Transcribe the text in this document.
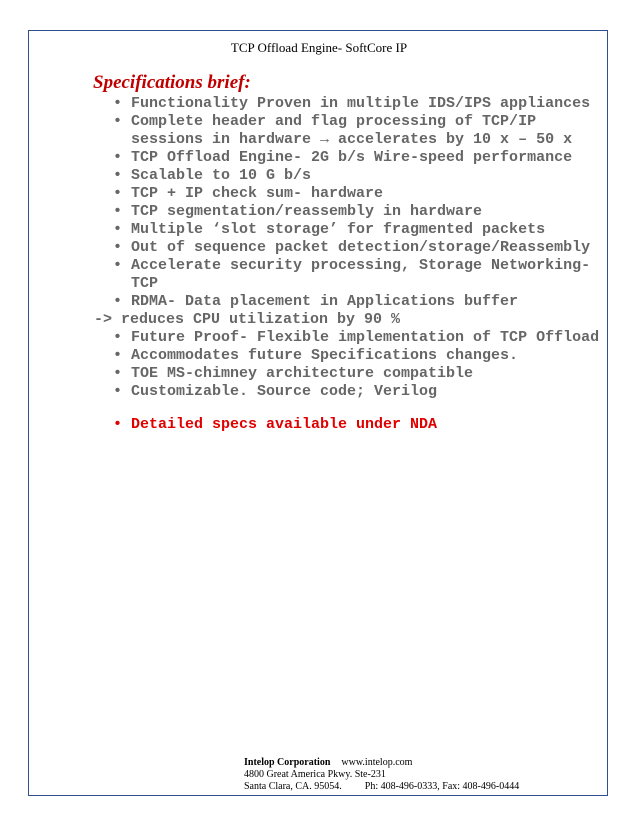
TCP Offload Engine- SoftCore IP
Specifications brief:
• Functionality Proven in multiple IDS/IPS appliances
• Complete header and flag processing of TCP/IP
sessions in hardware → accelerates by 10 x – 50 x
• TCP Offload Engine- 2G b/s Wire-speed performance
• Scalable to 10 G b/s
• TCP + IP check sum- hardware
• TCP segmentation/reassembly in hardware
• Multiple ‘slot storage’ for fragmented packets
• Out of sequence packet detection/storage/Reassembly
• Accelerate security processing, Storage Networking-
TCP
• RDMA- Data placement in Applications buffer
-> reduces CPU utilization by 90 %
• Future Proof- Flexible implementation of TCP Offload
• Accommodates future Specifications changes.
• TOE MS-chimney architecture compatible
• Customizable. Source code; Verilog
• Detailed specs available under NDA
Intelop Corporation www.intelop.com
4800 Great America Pkwy. Ste-231
Santa Clara, CA. 95054. Ph: 408-496-0333, Fax: 408-496-0444
